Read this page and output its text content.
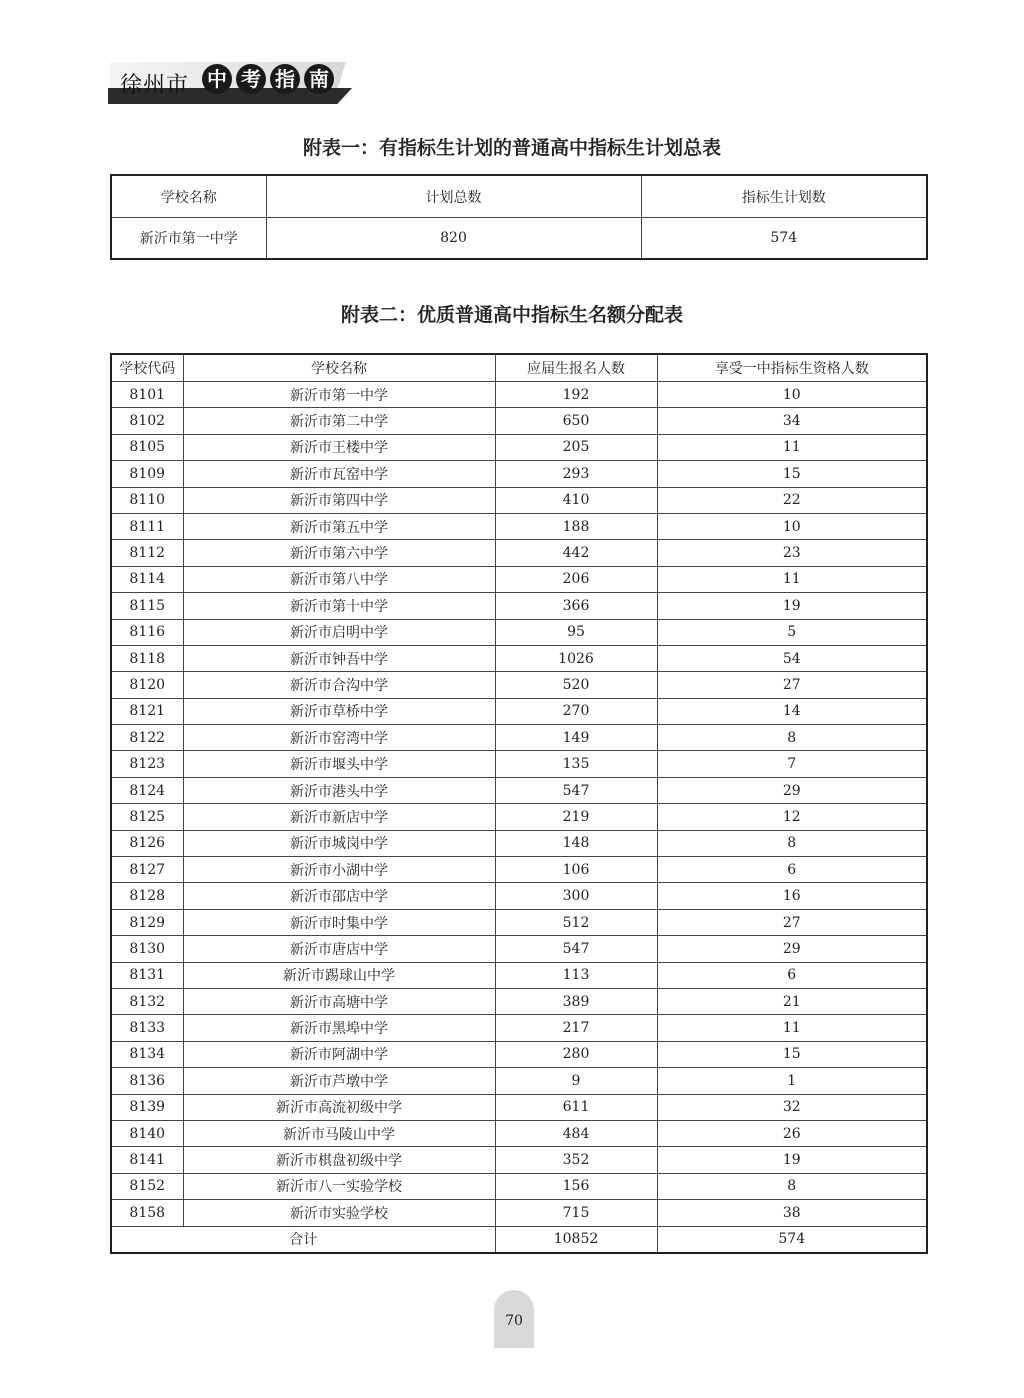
徐州市 中 考 指 南
附表一：有指标生计划的普通高中指标生计划总表
学校名称	计划总数	指标生计划数
新沂市第一中学	820	574
附表二：优质普通高中指标生名额分配表
学校代码	学校名称	应届生报名人数	享受一中指标生资格人数
8101	新沂市第一中学	192	10
8102	新沂市第二中学	650	34
8105	新沂市王楼中学	205	11
8109	新沂市瓦窑中学	293	15
8110	新沂市第四中学	410	22
8111	新沂市第五中学	188	10
8112	新沂市第六中学	442	23
8114	新沂市第八中学	206	11
8115	新沂市第十中学	366	19
8116	新沂市启明中学	95	5
8118	新沂市钟吾中学	1026	54
8120	新沂市合沟中学	520	27
8121	新沂市草桥中学	270	14
8122	新沂市窑湾中学	149	8
8123	新沂市堰头中学	135	7
8124	新沂市港头中学	547	29
8125	新沂市新店中学	219	12
8126	新沂市城岗中学	148	8
8127	新沂市小湖中学	106	6
8128	新沂市邵店中学	300	16
8129	新沂市时集中学	512	27
8130	新沂市唐店中学	547	29
8131	新沂市踢球山中学	113	6
8132	新沂市高塘中学	389	21
8133	新沂市黑埠中学	217	11
8134	新沂市阿湖中学	280	15
8136	新沂市芦墩中学	9	1
8139	新沂市高流初级中学	611	32
8140	新沂市马陵山中学	484	26
8141	新沂市棋盘初级中学	352	19
8152	新沂市八一实验学校	156	8
8158	新沂市实验学校	715	38
合计		10852	574
70
